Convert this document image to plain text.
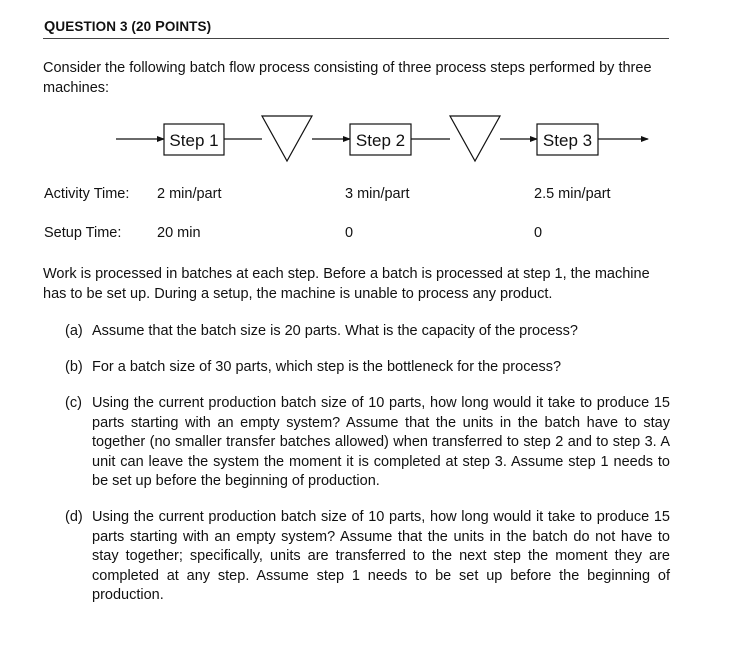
QUESTION 3 (20 POINTS)
Consider the following batch flow process consisting of three process steps performed by three machines:
Step 1	Step 2	Step 3
Activity Time: 2 min/part	3 min/part	2.5 min/part
Setup Time: 20 min	0	0
Work is processed in batches at each step. Before a batch is processed at step 1, the machine has to be set up. During a setup, the machine is unable to process any product.
(a) Assume that the batch size is 20 parts. What is the capacity of the process?
(b) For a batch size of 30 parts, which step is the bottleneck for the process?
(c) Using the current production batch size of 10 parts, how long would it take to produce 15 parts starting with an empty system? Assume that the units in the batch have to stay together (no smaller transfer batches allowed) when transferred to step 2 and to step 3. A unit can leave the system the moment it is completed at step 3. Assume step 1 needs to be set up before the beginning of production.
(d) Using the current production batch size of 10 parts, how long would it take to produce 15 parts starting with an empty system? Assume that the units in the batch do not have to stay together; specifically, units are transferred to the next step the moment they are completed at any step. Assume step 1 needs to be set up before the beginning of production.
